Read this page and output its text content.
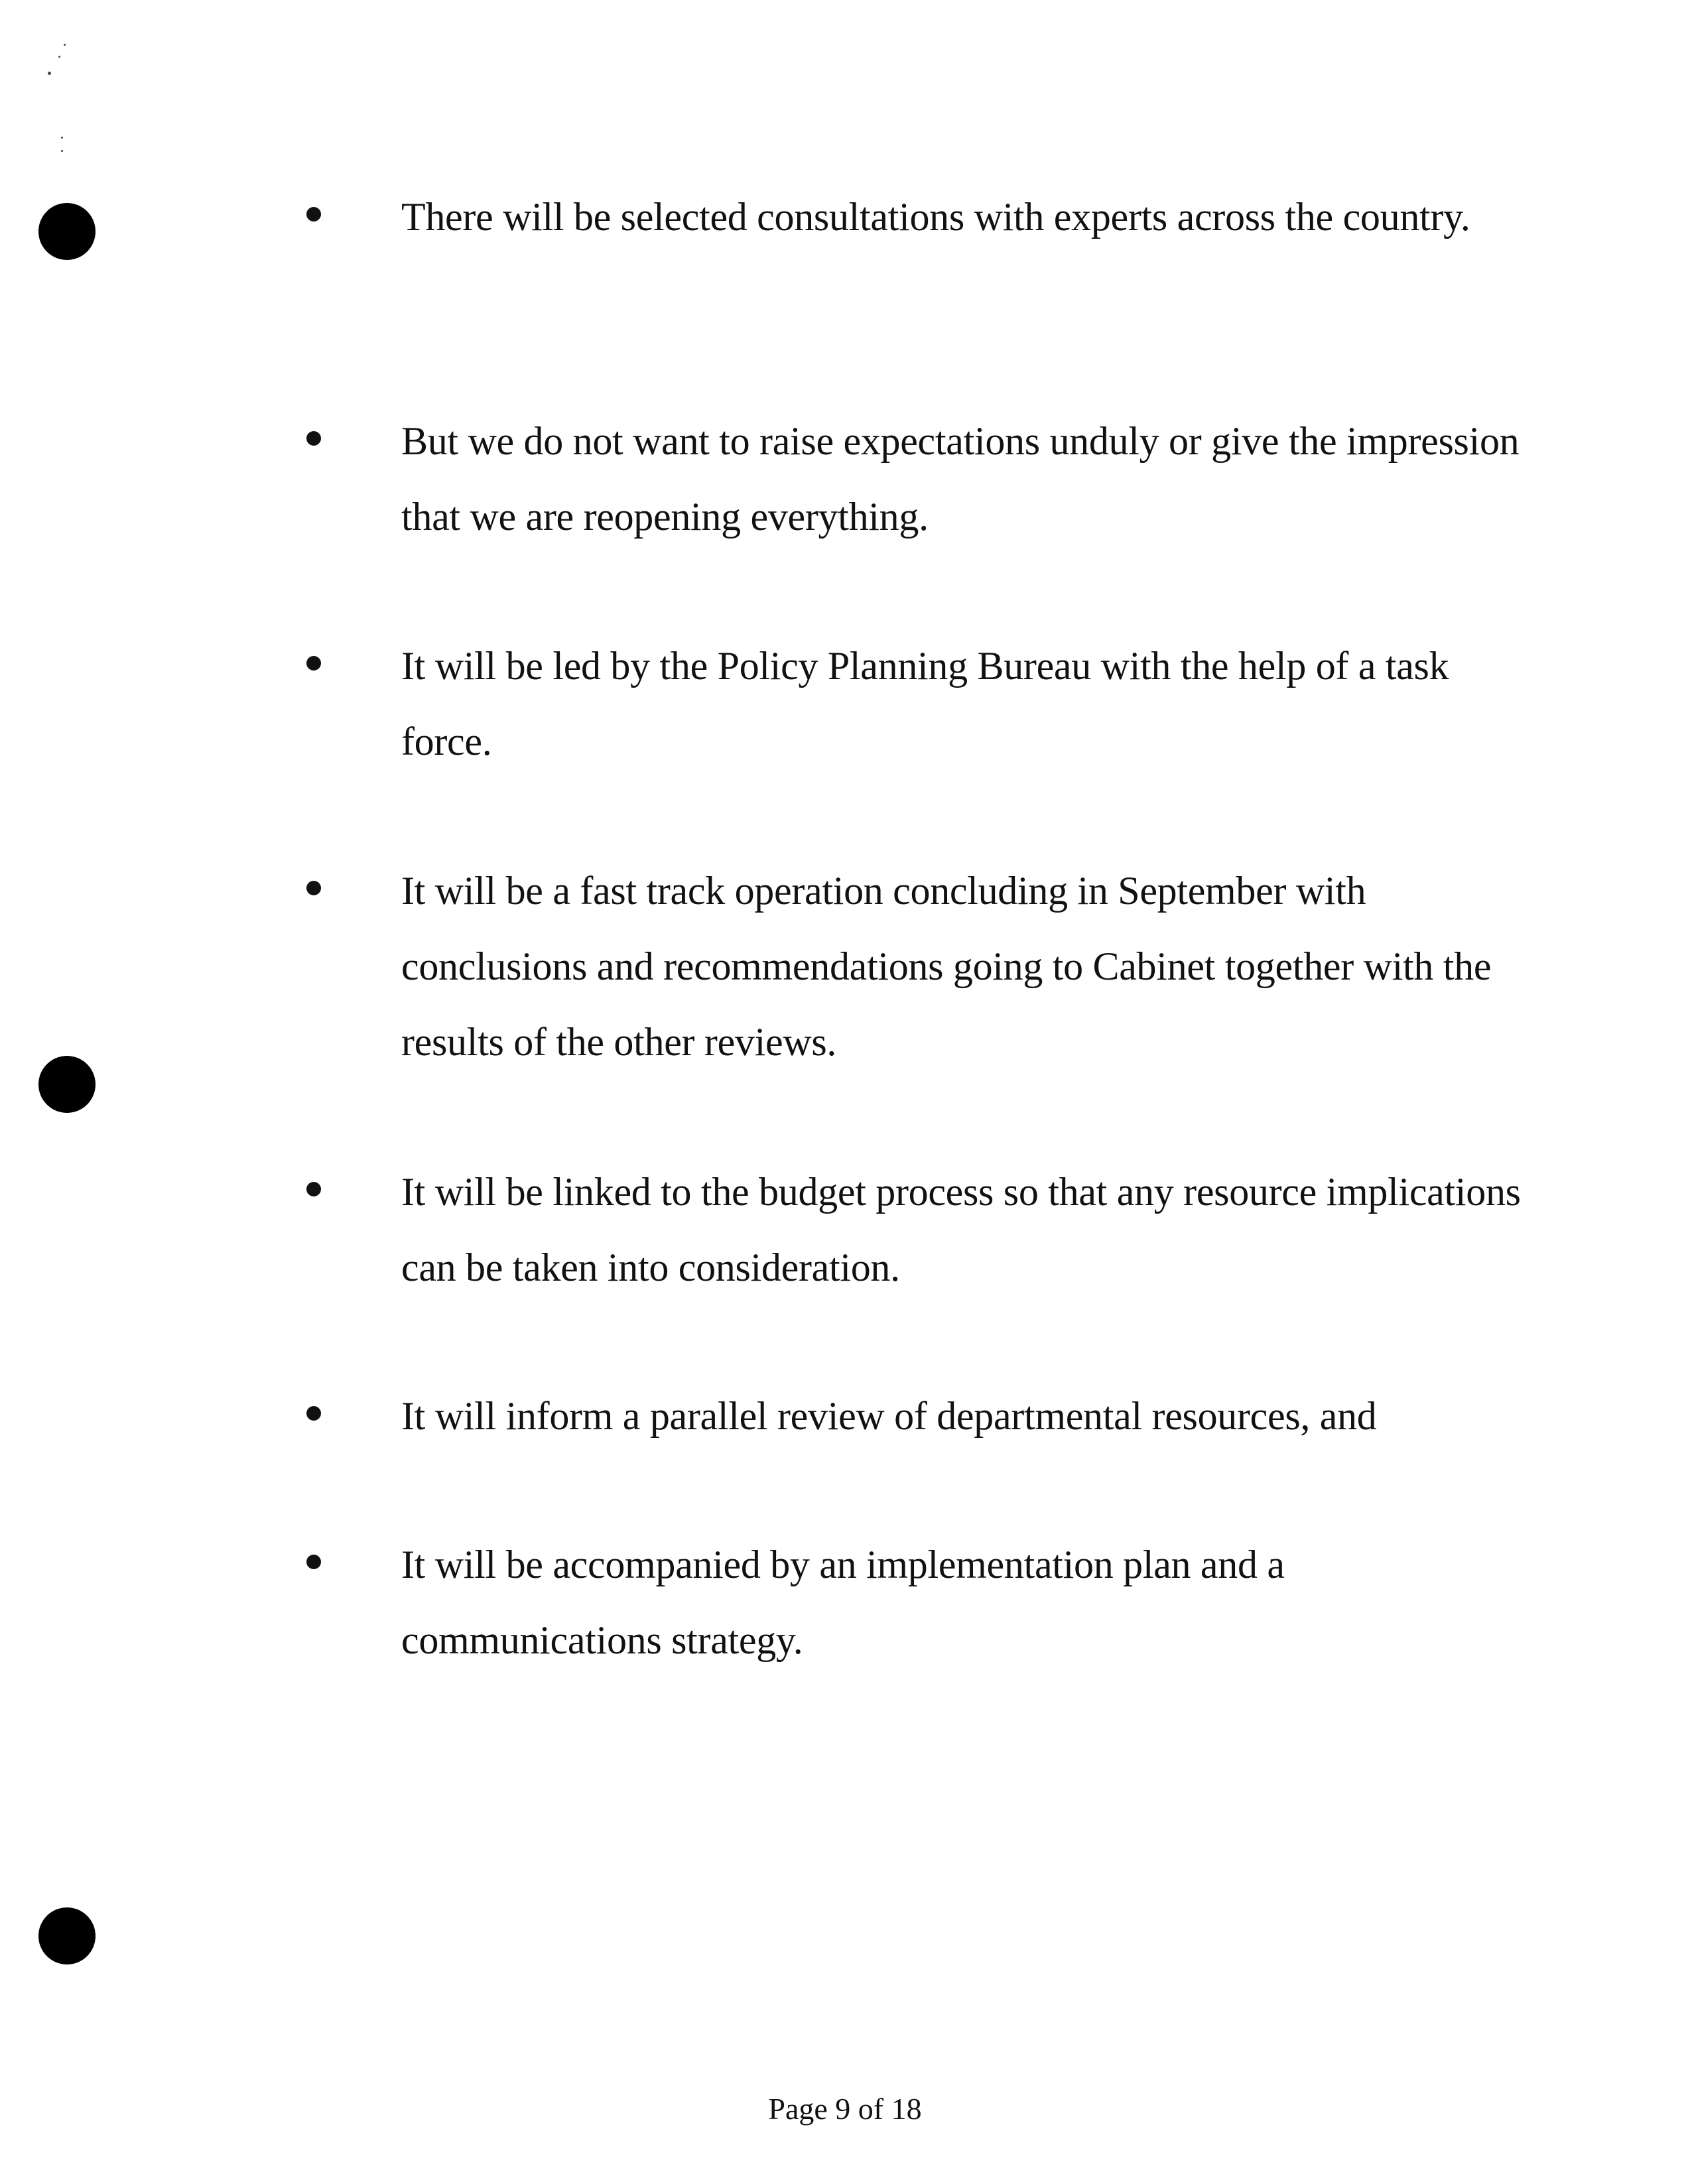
There will be selected consultations with experts across the country.
But we do not want to raise expectations unduly or give the impression that we are reopening everything.
It will be led by the Policy Planning Bureau with the help of a task force.
It will be a fast track operation concluding in September with conclusions and recommendations going to Cabinet together with the results of the other reviews.
It will be linked to the budget process so that any resource implications can be taken into consideration.
It will inform a parallel review of departmental resources, and
It will be accompanied by an implementation plan and a communications strategy.
Page 9 of 18
